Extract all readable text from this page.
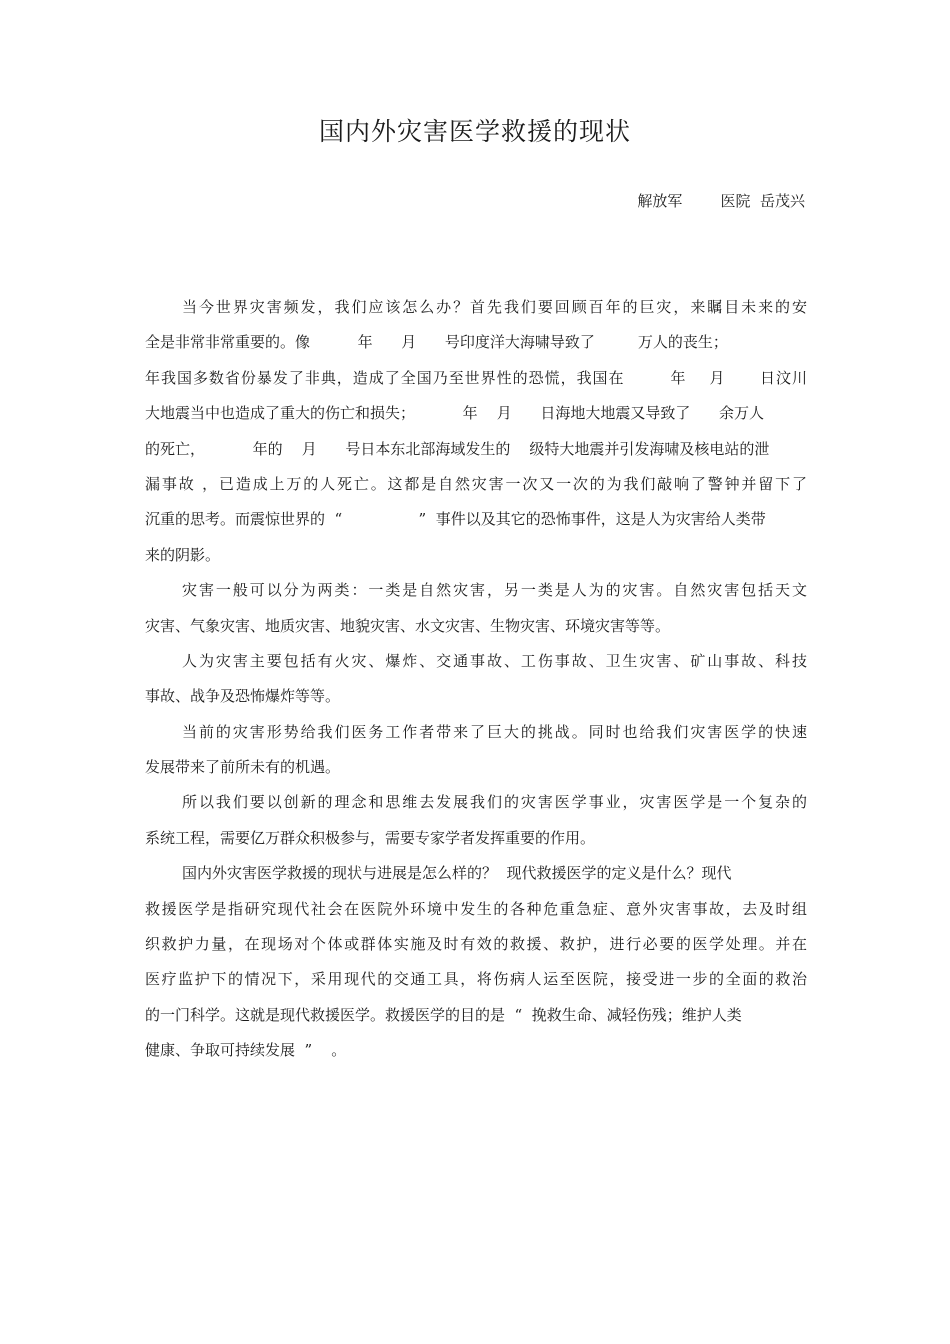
国内外灾害医学救援的现状

解放军        医院  岳茂兴

当今世界灾害频发，我们应该怎么办？首先我们要回顾百年的巨灾，来瞩目未来的安
全是非常非常重要的。像          年      月      号印度洋大海啸导致了         万人的丧生；
年我国多数省份暴发了非典，造成了全国乃至世界性的恐慌，我国在        年    月      日汶川
大地震当中也造成了重大的伤亡和损失；          年    月      日海地大地震又导致了      余万人
的死亡，          年的    月      号日本东北部海域发生的    级特大地震并引发海啸及核电站的泄
漏事故 ，已造成上万的人死亡。这都是自然灾害一次又一次的为我们敲响了警钟并留下了
沉重的思考。而震惊世界的  “                ”  事件以及其它的恐怖事件，这是人为灾害给人类带
来的阴影。
灾害一般可以分为两类：一类是自然灾害，另一类是人为的灾害。自然灾害包括天文
灾害、气象灾害、地质灾害、地貌灾害、水文灾害、生物灾害、环境灾害等等。
人为灾害主要包括有火灾、爆炸、交通事故、工伤事故、卫生灾害、矿山事故、科技
事故、战争及恐怖爆炸等等。
当前的灾害形势给我们医务工作者带来了巨大的挑战。同时也给我们灾害医学的快速
发展带来了前所未有的机遇。
所以我们要以创新的理念和思维去发展我们的灾害医学事业，灾害医学是一个复杂的
系统工程，需要亿万群众积极参与，需要专家学者发挥重要的作用。
国内外灾害医学救援的现状与进展是怎么样的？  现代救援医学的定义是什么？现代
救援医学是指研究现代社会在医院外环境中发生的各种危重急症、意外灾害事故，去及时组
织救护力量，在现场对个体或群体实施及时有效的救援、救护，进行必要的医学处理。并在
医疗监护下的情况下，采用现代的交通工具，将伤病人运至医院，接受进一步的全面的救治
的一门科学。这就是现代救援医学。救援医学的目的是  “  挽救生命、减轻伤残；维护人类
健康、争取可持续发展  ”    。
